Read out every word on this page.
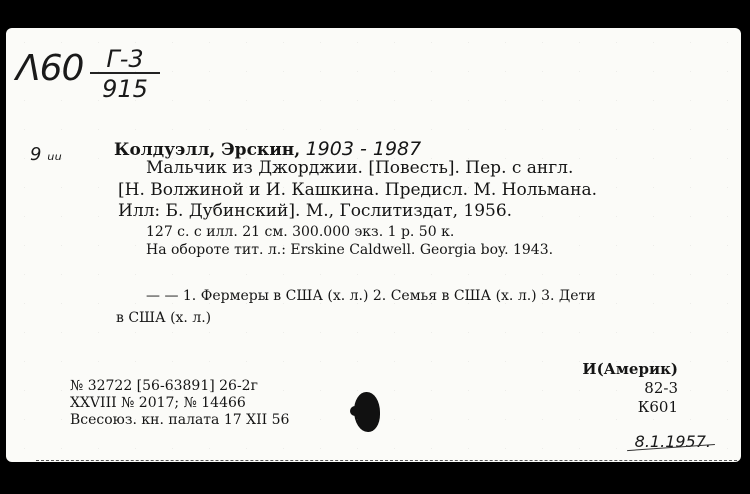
Λ60 Г-3
915
9 ᵤᵤ	Колдуэлл, Эрскин, 1903 - 1987
Мальчик из Джорджии. [Повесть]. Пер. с англ.
[Н. Волжиной и И. Кашкина. Предисл. М. Нольмана.
Илл: Б. Дубинский]. М., Гослитиздат, 1956.
127 с. с илл. 21 см. 300.000 экз. 1 р. 50 к.
На обороте тит. л.: Erskine Caldwell. Georgia boy. 1943.
— — 1. Фермеры в США (х. л.) 2. Семья в США (х. л.) 3. Дети
в США (х. л.)
№ 32722 [56-63891] 26-2г
XXVIII № 2017; № 14466
Всесоюз. кн. палата 17 XII 56
И(Америк)
82-3
К601
8.1.1957.
